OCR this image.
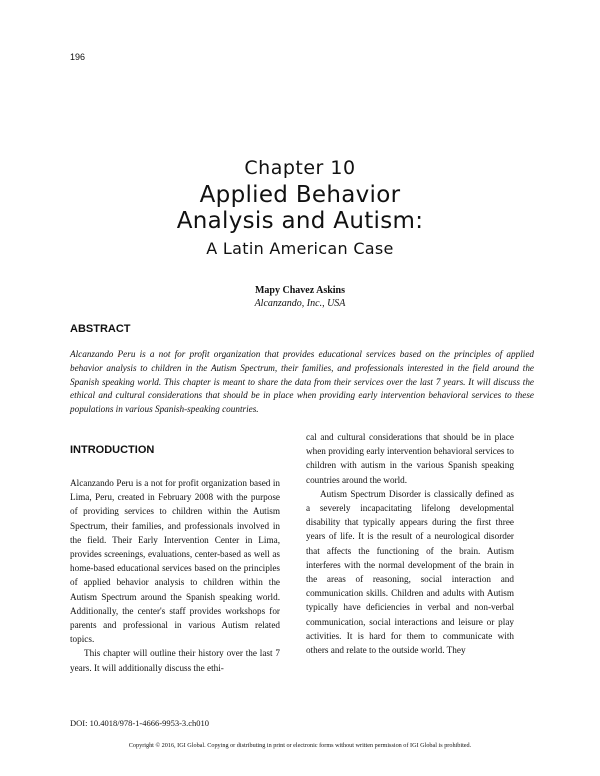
196
Chapter 10
Applied Behavior
Analysis and Autism:
A Latin American Case
Mapy Chavez Askins
Alcanzando, Inc., USA
ABSTRACT

Alcanzando Peru is a not for profit organization that provides educational services based on the principles of applied behavior analysis to children in the Autism Spectrum, their families, and professionals interested in the field around the Spanish speaking world. This chapter is meant to share the data from their services over the last 7 years. It will discuss the ethical and cultural considerations that should be in place when providing early intervention behavioral services to these populations in various Spanish-speaking countries.

INTRODUCTION

Alcanzando Peru is a not for profit organization based in Lima, Peru, created in February 2008 with the purpose of providing services to children within the Autism Spectrum, their families, and professionals involved in the field. Their Early Intervention Center in Lima, provides screenings, evaluations, center-based as well as home-based educational services based on the principles of applied behavior analysis to children within the Autism Spectrum around the Spanish speaking world. Additionally, the center's staff provides workshops for parents and professional in various Autism related topics.

This chapter will outline their history over the last 7 years. It will additionally discuss the ethi-

cal and cultural considerations that should be in place when providing early intervention behavioral services to children with autism in the various Spanish speaking countries around the world.

Autism Spectrum Disorder is classically defined as a severely incapacitating lifelong developmental disability that typically appears during the first three years of life. It is the result of a neurological disorder that affects the functioning of the brain. Autism interferes with the normal development of the brain in the areas of reasoning, social interaction and communication skills. Children and adults with Autism typically have deficiencies in verbal and non-verbal communication, social interactions and leisure or play activities. It is hard for them to communicate with others and relate to the outside world. They

DOI: 10.4018/978-1-4666-9953-3.ch010
Copyright © 2016, IGI Global. Copying or distributing in print or electronic forms without written permission of IGI Global is prohibited.
